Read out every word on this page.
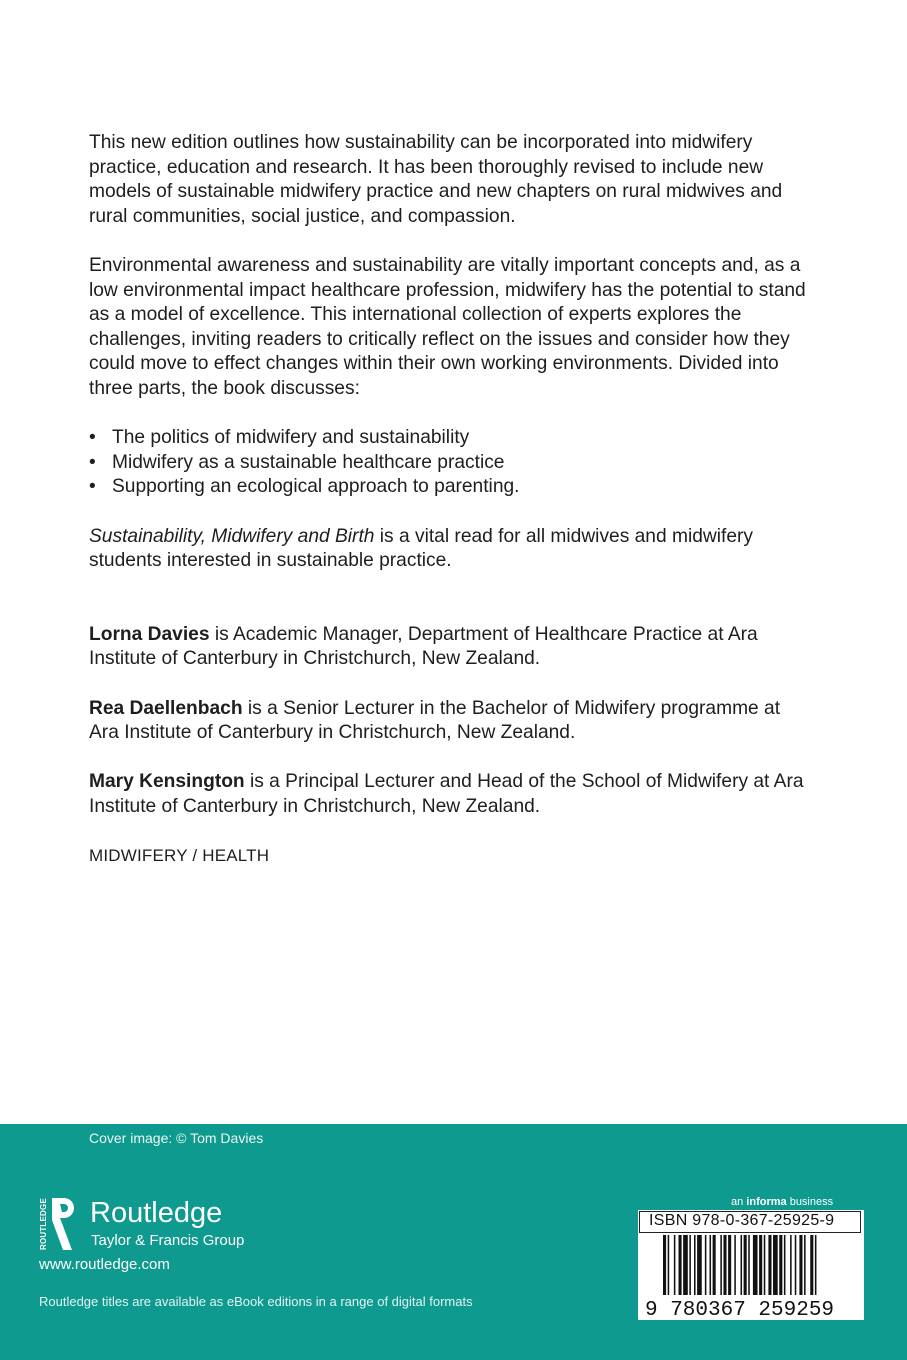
This new edition outlines how sustainability can be incorporated into midwifery practice, education and research. It has been thoroughly revised to include new models of sustainable midwifery practice and new chapters on rural midwives and rural communities, social justice, and compassion.

Environmental awareness and sustainability are vitally important concepts and, as a low environmental impact healthcare profession, midwifery has the potential to stand as a model of excellence. This international collection of experts explores the challenges, inviting readers to critically reflect on the issues and consider how they could move to effect changes within their own working environments. Divided into three parts, the book discusses:

• The politics of midwifery and sustainability
• Midwifery as a sustainable healthcare practice
• Supporting an ecological approach to parenting.

Sustainability, Midwifery and Birth is a vital read for all midwives and midwifery students interested in sustainable practice.

Lorna Davies is Academic Manager, Department of Healthcare Practice at Ara Institute of Canterbury in Christchurch, New Zealand.

Rea Daellenbach is a Senior Lecturer in the Bachelor of Midwifery programme at Ara Institute of Canterbury in Christchurch, New Zealand.

Mary Kensington is a Principal Lecturer and Head of the School of Midwifery at Ara Institute of Canterbury in Christchurch, New Zealand.

MIDWIFERY / HEALTH
Cover image: © Tom Davies
ROUTLEDGE Routledge
Taylor & Francis Group
www.routledge.com
Routledge titles are available as eBook editions in a range of digital formats
an informa business
ISBN 978-0-367-25925-9
9 780367 259259
